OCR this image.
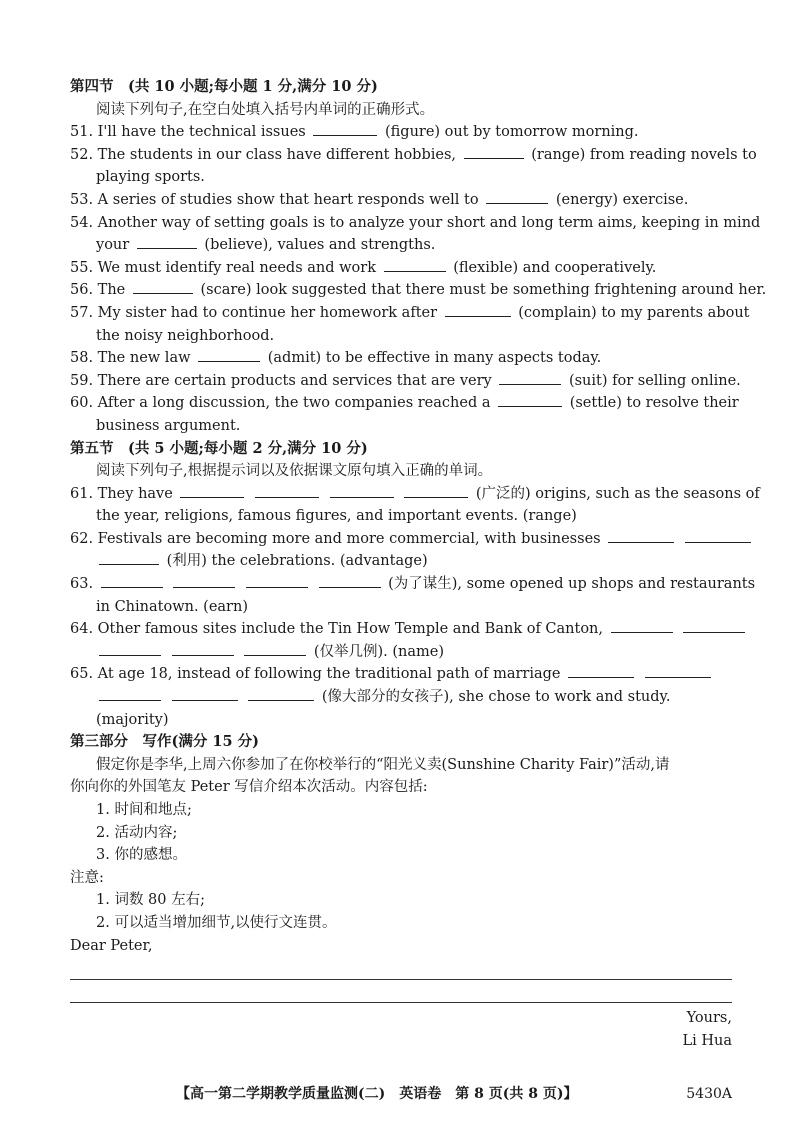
第四节　(共 10 小题;每小题 1 分,满分 10 分)
阅读下列句子,在空白处填入括号内单词的正确形式。
51. I'll have the technical issues	(figure) out by tomorrow morning.
52. The students in our class have different hobbies,	(range) from reading novels to
playing sports.
53. A series of studies show that heart responds well to	(energy) exercise.
54. Another way of setting goals is to analyze your short and long term aims, keeping in mind
your	(believe), values and strengths.
55. We must identify real needs and work	(flexible) and cooperatively.
56. The	(scare) look suggested that there must be something frightening around her.
57. My sister had to continue her homework after	(complain) to my parents about
the noisy neighborhood.
58. The new law	(admit) to be effective in many aspects today.
59. There are certain products and services that are very	(suit) for selling online.
60. After a long discussion, the two companies reached a	(settle) to resolve their
business argument.
第五节　(共 5 小题;每小题 2 分,满分 10 分)
阅读下列句子,根据提示词以及依据课文原句填入正确的单词。
61. They have	(广泛的) origins, such as the seasons of
the year, religions, famous figures, and important events. (range)
62. Festivals are becoming more and more commercial, with businesses
(利用) the celebrations. (advantage)
63.	(为了谋生), some opened up shops and restaurants
in Chinatown. (earn)
64. Other famous sites include the Tin How Temple and Bank of Canton,
(仅举几例). (name)
65. At age 18, instead of following the traditional path of marriage
(像大部分的女孩子), she chose to work and study.
(majority)
第三部分　写作(满分 15 分)
假定你是李华,上周六你参加了在你校举行的“阳光义卖(Sunshine Charity Fair)”活动,请
你向你的外国笔友 Peter 写信介绍本次活动。内容包括:
1. 时间和地点;
2. 活动内容;
3. 你的感想。
注意:
1. 词数 80 左右;
2. 可以适当增加细节,以使行文连贯。
Dear Peter,
Yours,
Li Hua
【高一第二学期教学质量监测(二)　英语卷　第 8 页(共 8 页)】	5430A
